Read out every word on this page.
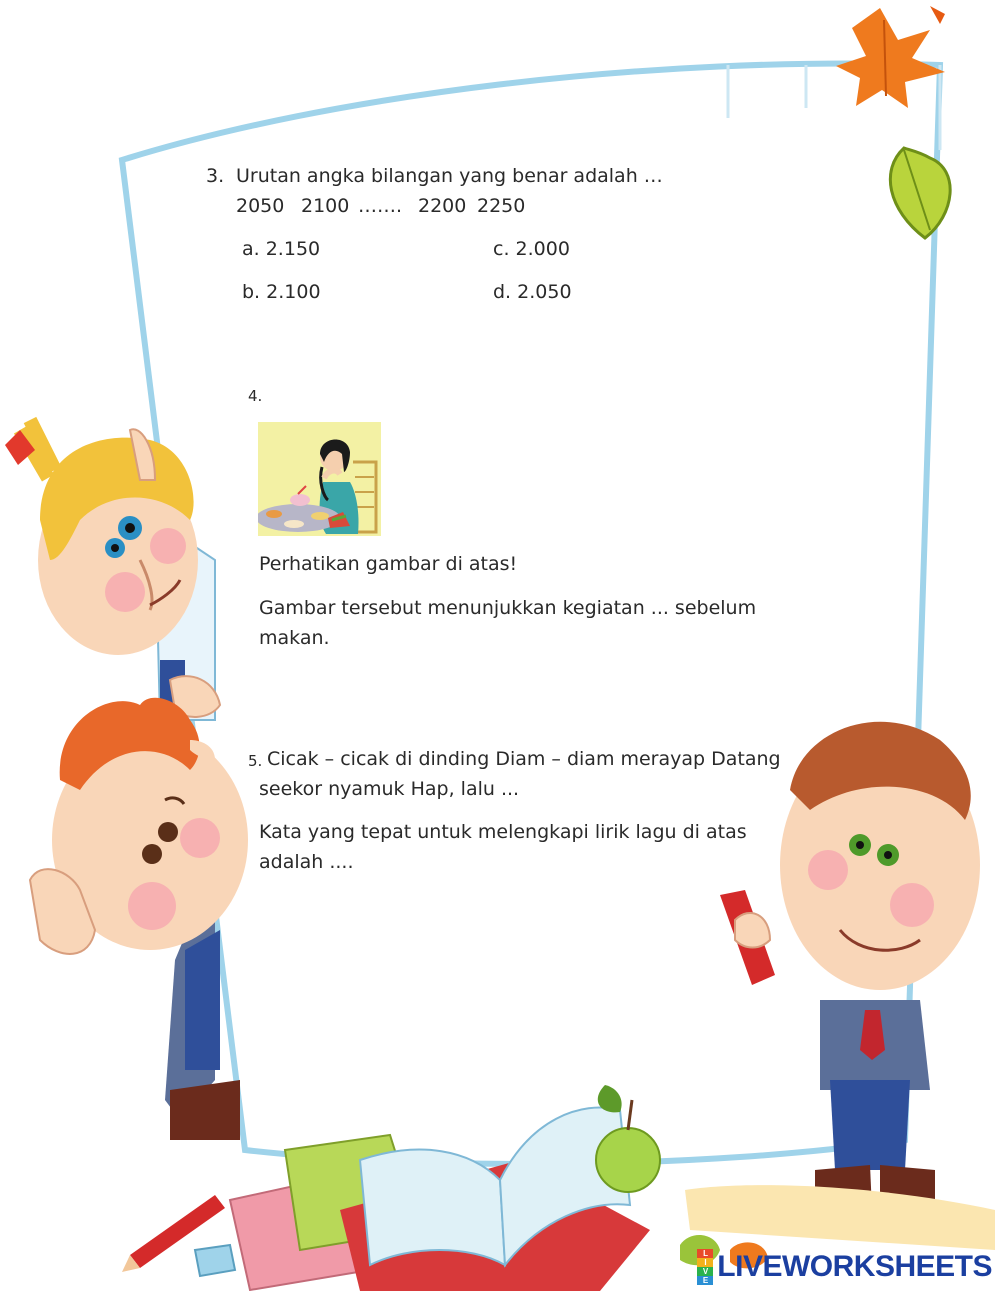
3. Urutan angka bilangan yang benar adalah …
2050 2100 ……. 2200 2250
a. 2.150	c. 2.000
b. 2.100	d. 2.050
4.
Perhatikan gambar di atas!
Gambar tersebut menunjukkan kegiatan ... sebelum
makan.
5. Cicak – cicak di dinding Diam – diam merayap Datang
seekor nyamuk Hap, lalu ...
Kata yang tepat untuk melengkapi lirik lagu di atas
adalah ....
L
I
V
E LIVEWORKSHEETS
